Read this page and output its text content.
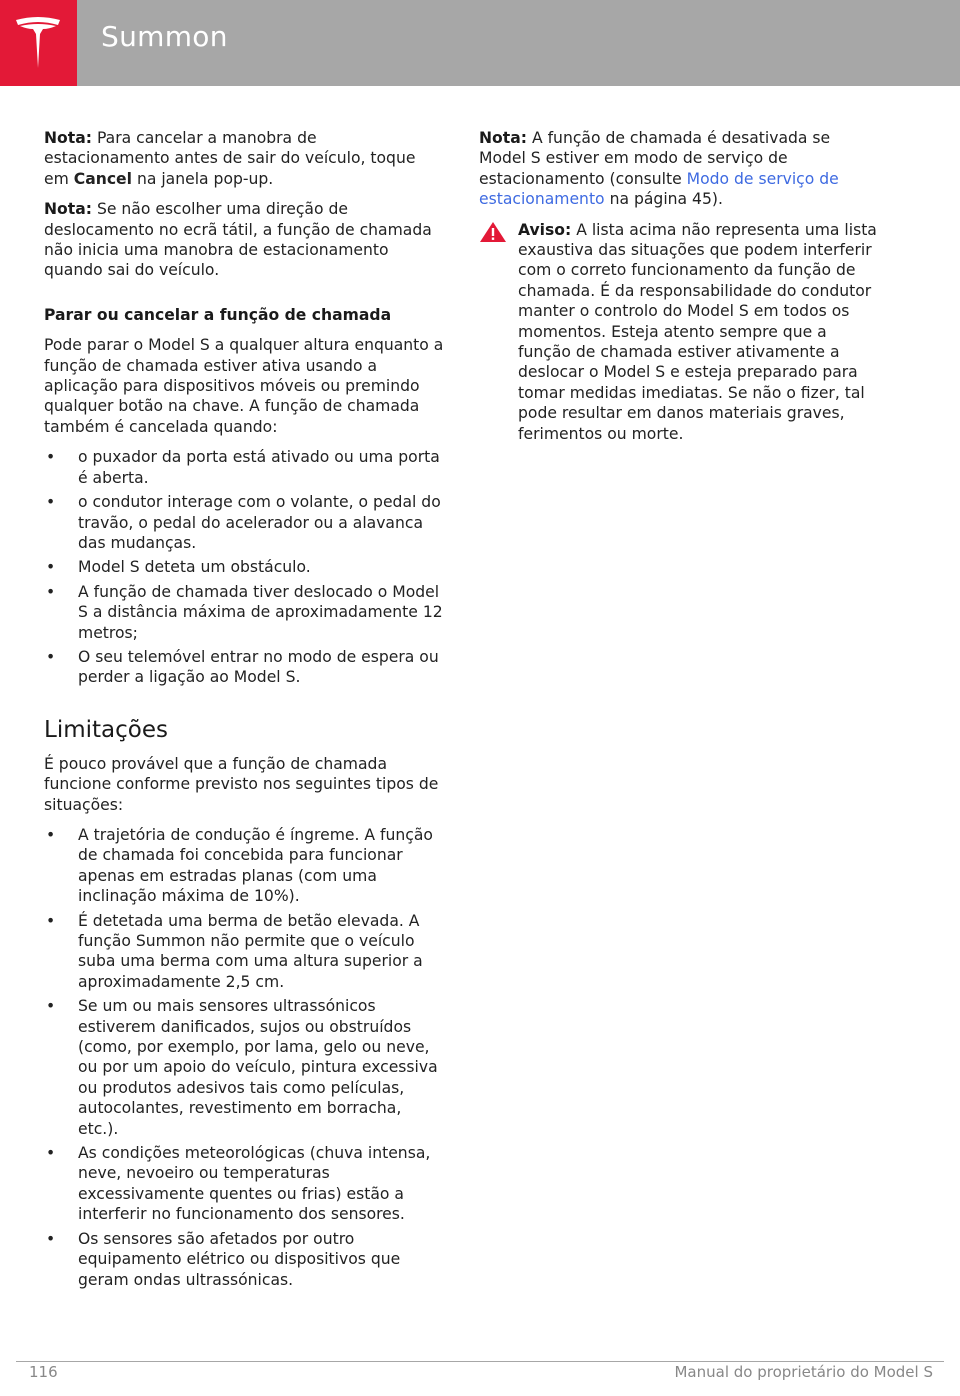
Summon

Nota: Para cancelar a manobra de estacionamento antes de sair do veículo, toque em Cancel na janela pop-up.

Nota: Se não escolher uma direção de deslocamento no ecrã tátil, a função de chamada não inicia uma manobra de estacionamento quando sai do veículo.

Parar ou cancelar a função de chamada

Pode parar o Model S a qualquer altura enquanto a função de chamada estiver ativa usando a aplicação para dispositivos móveis ou premindo qualquer botão na chave. A função de chamada também é cancelada quando:

• o puxador da porta está ativado ou uma porta é aberta.
• o condutor interage com o volante, o pedal do travão, o pedal do acelerador ou a alavanca das mudanças.
• Model S deteta um obstáculo.
• A função de chamada tiver deslocado o Model S a distância máxima de aproximadamente 12 metros;
• O seu telemóvel entrar no modo de espera ou perder a ligação ao Model S.
Limitações

É pouco provável que a função de chamada funcione conforme previsto nos seguintes tipos de situações:

• A trajetória de condução é íngreme. A função de chamada foi concebida para funcionar apenas em estradas planas (com uma inclinação máxima de 10%).
• É detetada uma berma de betão elevada. A função Summon não permite que o veículo suba uma berma com uma altura superior a aproximadamente 2,5 cm.
• Se um ou mais sensores ultrassónicos estiverem danificados, sujos ou obstruídos (como, por exemplo, por lama, gelo ou neve, ou por um apoio do veículo, pintura excessiva ou produtos adesivos tais como películas, autocolantes, revestimento em borracha, etc.).
• As condições meteorológicas (chuva intensa, neve, nevoeiro ou temperaturas excessivamente quentes ou frias) estão a interferir no funcionamento dos sensores.
• Os sensores são afetados por outro equipamento elétrico ou dispositivos que geram ondas ultrassónicas.

Nota: A função de chamada é desativada se Model S estiver em modo de serviço de estacionamento (consulte Modo de serviço de estacionamento na página 45).

Aviso: A lista acima não representa uma lista exaustiva das situações que podem interferir com o correto funcionamento da função de chamada. É da responsabilidade do condutor manter o controlo do Model S em todos os momentos. Esteja atento sempre que a função de chamada estiver ativamente a deslocar o Model S e esteja preparado para tomar medidas imediatas. Se não o fizer, tal pode resultar em danos materiais graves, ferimentos ou morte.

116	Manual do proprietário do Model S
